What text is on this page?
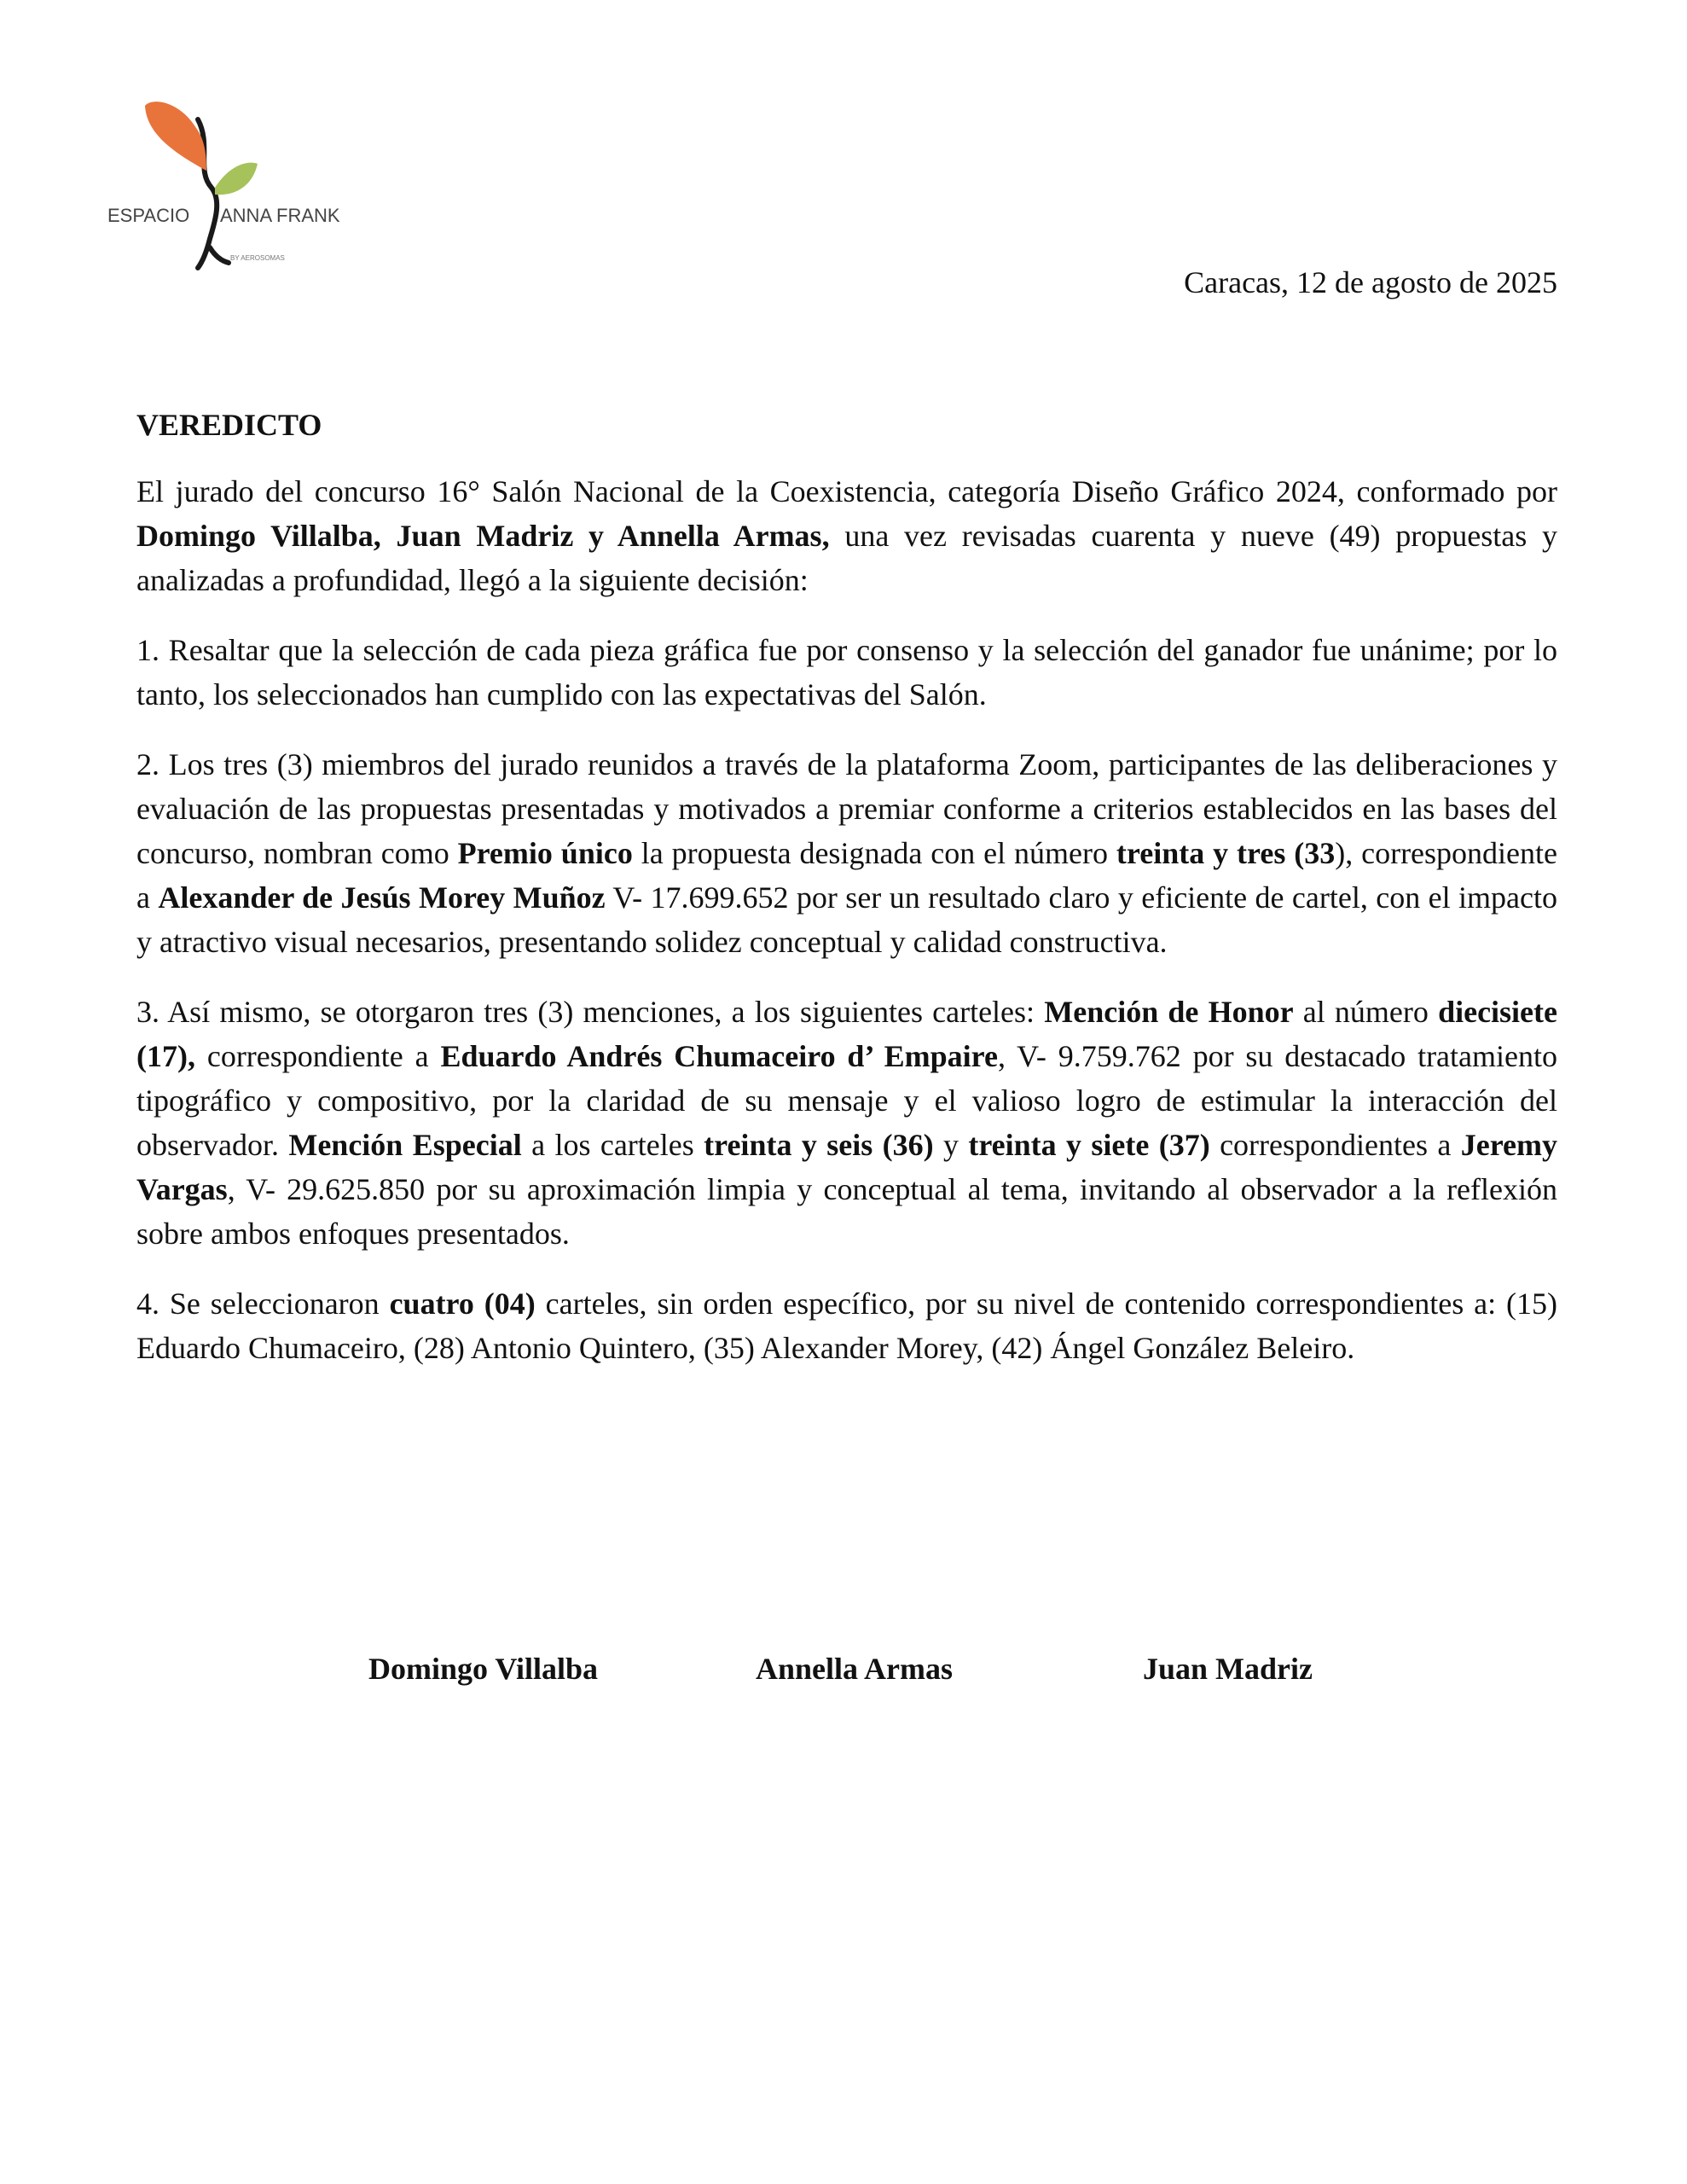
ESPACIO ANNA FRANK
BY AEROSOMAS
Caracas, 12 de agosto de 2025
VEREDICTO

El jurado del concurso 16° Salón Nacional de la Coexistencia, categoría Diseño Gráfico 2024, conformado por Domingo Villalba, Juan Madriz y Annella Armas, una vez revisadas cuarenta y nueve (49) propuestas y analizadas a profundidad, llegó a la siguiente decisión:

1. Resaltar que la selección de cada pieza gráfica fue por consenso y la selección del ganador fue unánime; por lo tanto, los seleccionados han cumplido con las expectativas del Salón.

2. Los tres (3) miembros del jurado reunidos a través de la plataforma Zoom, participantes de las deliberaciones y evaluación de las propuestas presentadas y motivados a premiar conforme a criterios establecidos en las bases del concurso, nombran como Premio único la propuesta designada con el número treinta y tres (33), correspondiente a Alexander de Jesús Morey Muñoz V- 17.699.652 por ser un resultado claro y eficiente de cartel, con el impacto y atractivo visual necesarios, presentando solidez conceptual y calidad constructiva.

3. Así mismo, se otorgaron tres (3) menciones, a los siguientes carteles: Mención de Honor al número diecisiete (17), correspondiente a Eduardo Andrés Chumaceiro d’ Empaire, V- 9.759.762 por su destacado tratamiento tipográfico y compositivo, por la claridad de su mensaje y el valioso logro de estimular la interacción del observador. Mención Especial a los carteles treinta y seis (36) y treinta y siete (37) correspondientes a Jeremy Vargas, V- 29.625.850 por su aproximación limpia y conceptual al tema, invitando al observador a la reflexión sobre ambos enfoques presentados.

4. Se seleccionaron cuatro (04) carteles, sin orden específico, por su nivel de contenido correspondientes a: (15) Eduardo Chumaceiro, (28) Antonio Quintero, (35) Alexander Morey, (42) Ángel González Beleiro.

Domingo Villalba	Annella Armas	Juan Madriz
